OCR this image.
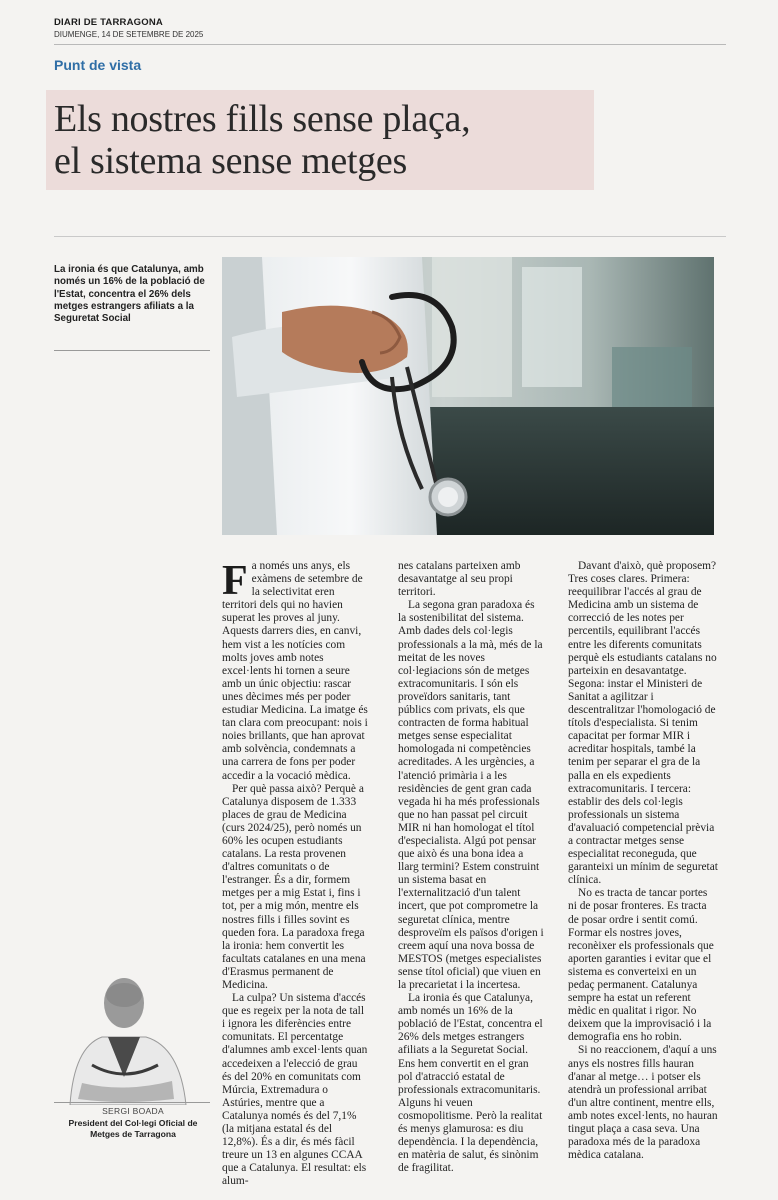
DIARI DE TARRAGONA
DIUMENGE, 14 DE SETEMBRE DE 2025
Punt de vista
Els nostres fills sense plaça,
el sistema sense metges
La ironia és que Catalunya, amb només un 16% de la població de l'Estat, concentra el 26% dels metges estrangers afiliats a la Seguretat Social

Fa només uns anys, els exàmens de setembre de la selectivitat eren territori dels qui no havien superat les proves al juny. Aquests darrers dies, en canvi, hem vist a les notícies com molts joves amb notes excel·lents hi tornen a seure amb un únic objectiu: rascar unes dècimes més per poder estudiar Medicina. La imatge és tan clara com preocupant: nois i noies brillants, que han aprovat amb solvència, condemnats a una carrera de fons per poder accedir a la vocació mèdica.

Per què passa això? Perquè a Catalunya disposem de 1.333 places de grau de Medicina (curs 2024/25), però només un 60% les ocupen estudiants catalans. La resta provenen d'altres comunitats o de l'estranger. És a dir, formem metges per a mig Estat i, fins i tot, per a mig món, mentre els nostres fills i filles sovint es queden fora. La paradoxa frega la ironia: hem convertit les facultats catalanes en una mena d'Erasmus permanent de Medicina.

La culpa? Un sistema d'accés que es regeix per la nota de tall i ignora les diferències entre comunitats. El percentatge d'alumnes amb excel·lents quan accedeixen a l'elecció de grau és del 20% en comunitats com Múrcia, Extremadura o Astúries, mentre que a Catalunya només és del 7,1% (la mitjana estatal és del 12,8%). És a dir, és més fàcil treure un 13 en algunes CCAA que a Catalunya. El resultat: els alum-

nes catalans parteixen amb desavantatge al seu propi territori.

La segona gran paradoxa és la sostenibilitat del sistema. Amb dades dels col·legis professionals a la mà, més de la meitat de les noves col·legiacions són de metges extracomunitaris. I són els proveïdors sanitaris, tant públics com privats, els que contracten de forma habitual metges sense especialitat homologada ni competències acreditades. A les urgències, a l'atenció primària i a les residències de gent gran cada vegada hi ha més professionals que no han passat pel circuit MIR ni han homologat el títol d'especialista. Algú pot pensar que això és una bona idea a llarg termini? Estem construint un sistema basat en l'externalització d'un talent incert, que pot comprometre la seguretat clínica, mentre desproveïm els països d'origen i creem aquí una nova bossa de MESTOS (metges especialistes sense títol oficial) que viuen en la precarietat i la incertesa.

La ironia és que Catalunya, amb només un 16% de la població de l'Estat, concentra el 26% dels metges estrangers afiliats a la Seguretat Social. Ens hem convertit en el gran pol d'atracció estatal de professionals extracomunitaris. Alguns hi veuen cosmopolitisme. Però la realitat és menys glamurosa: es diu dependència. I la dependència, en matèria de salut, és sinònim de fragilitat.

Davant d'això, què proposem? Tres coses clares. Primera: reequilibrar l'accés al grau de Medicina amb un sistema de correcció de les notes per percentils, equilibrant l'accés entre les diferents comunitats perquè els estudiants catalans no parteixin en desavantatge. Segona: instar el Ministeri de Sanitat a agilitzar i descentralitzar l'homologació de títols d'especialista. Si tenim capacitat per formar MIR i acreditar hospitals, també la tenim per separar el gra de la palla en els expedients extracomunitaris. I tercera: establir des dels col·legis professionals un sistema d'avaluació competencial prèvia a contractar metges sense especialitat reconeguda, que garanteixi un mínim de seguretat clínica.

No es tracta de tancar portes ni de posar fronteres. Es tracta de posar ordre i sentit comú. Formar els nostres joves, reconèixer els professionals que aporten garanties i evitar que el sistema es converteixi en un pedaç permanent. Catalunya sempre ha estat un referent mèdic en qualitat i rigor. No deixem que la improvisació i la demografia ens ho robin.

Si no reaccionem, d'aquí a uns anys els nostres fills hauran d'anar al metge… i potser els atendrà un professional arribat d'un altre continent, mentre ells, amb notes excel·lents, no hauran tingut plaça a casa seva. Una paradoxa més de la paradoxa mèdica catalana.

SERGI BOADA
President del Col·legi Oficial de Metges de Tarragona
